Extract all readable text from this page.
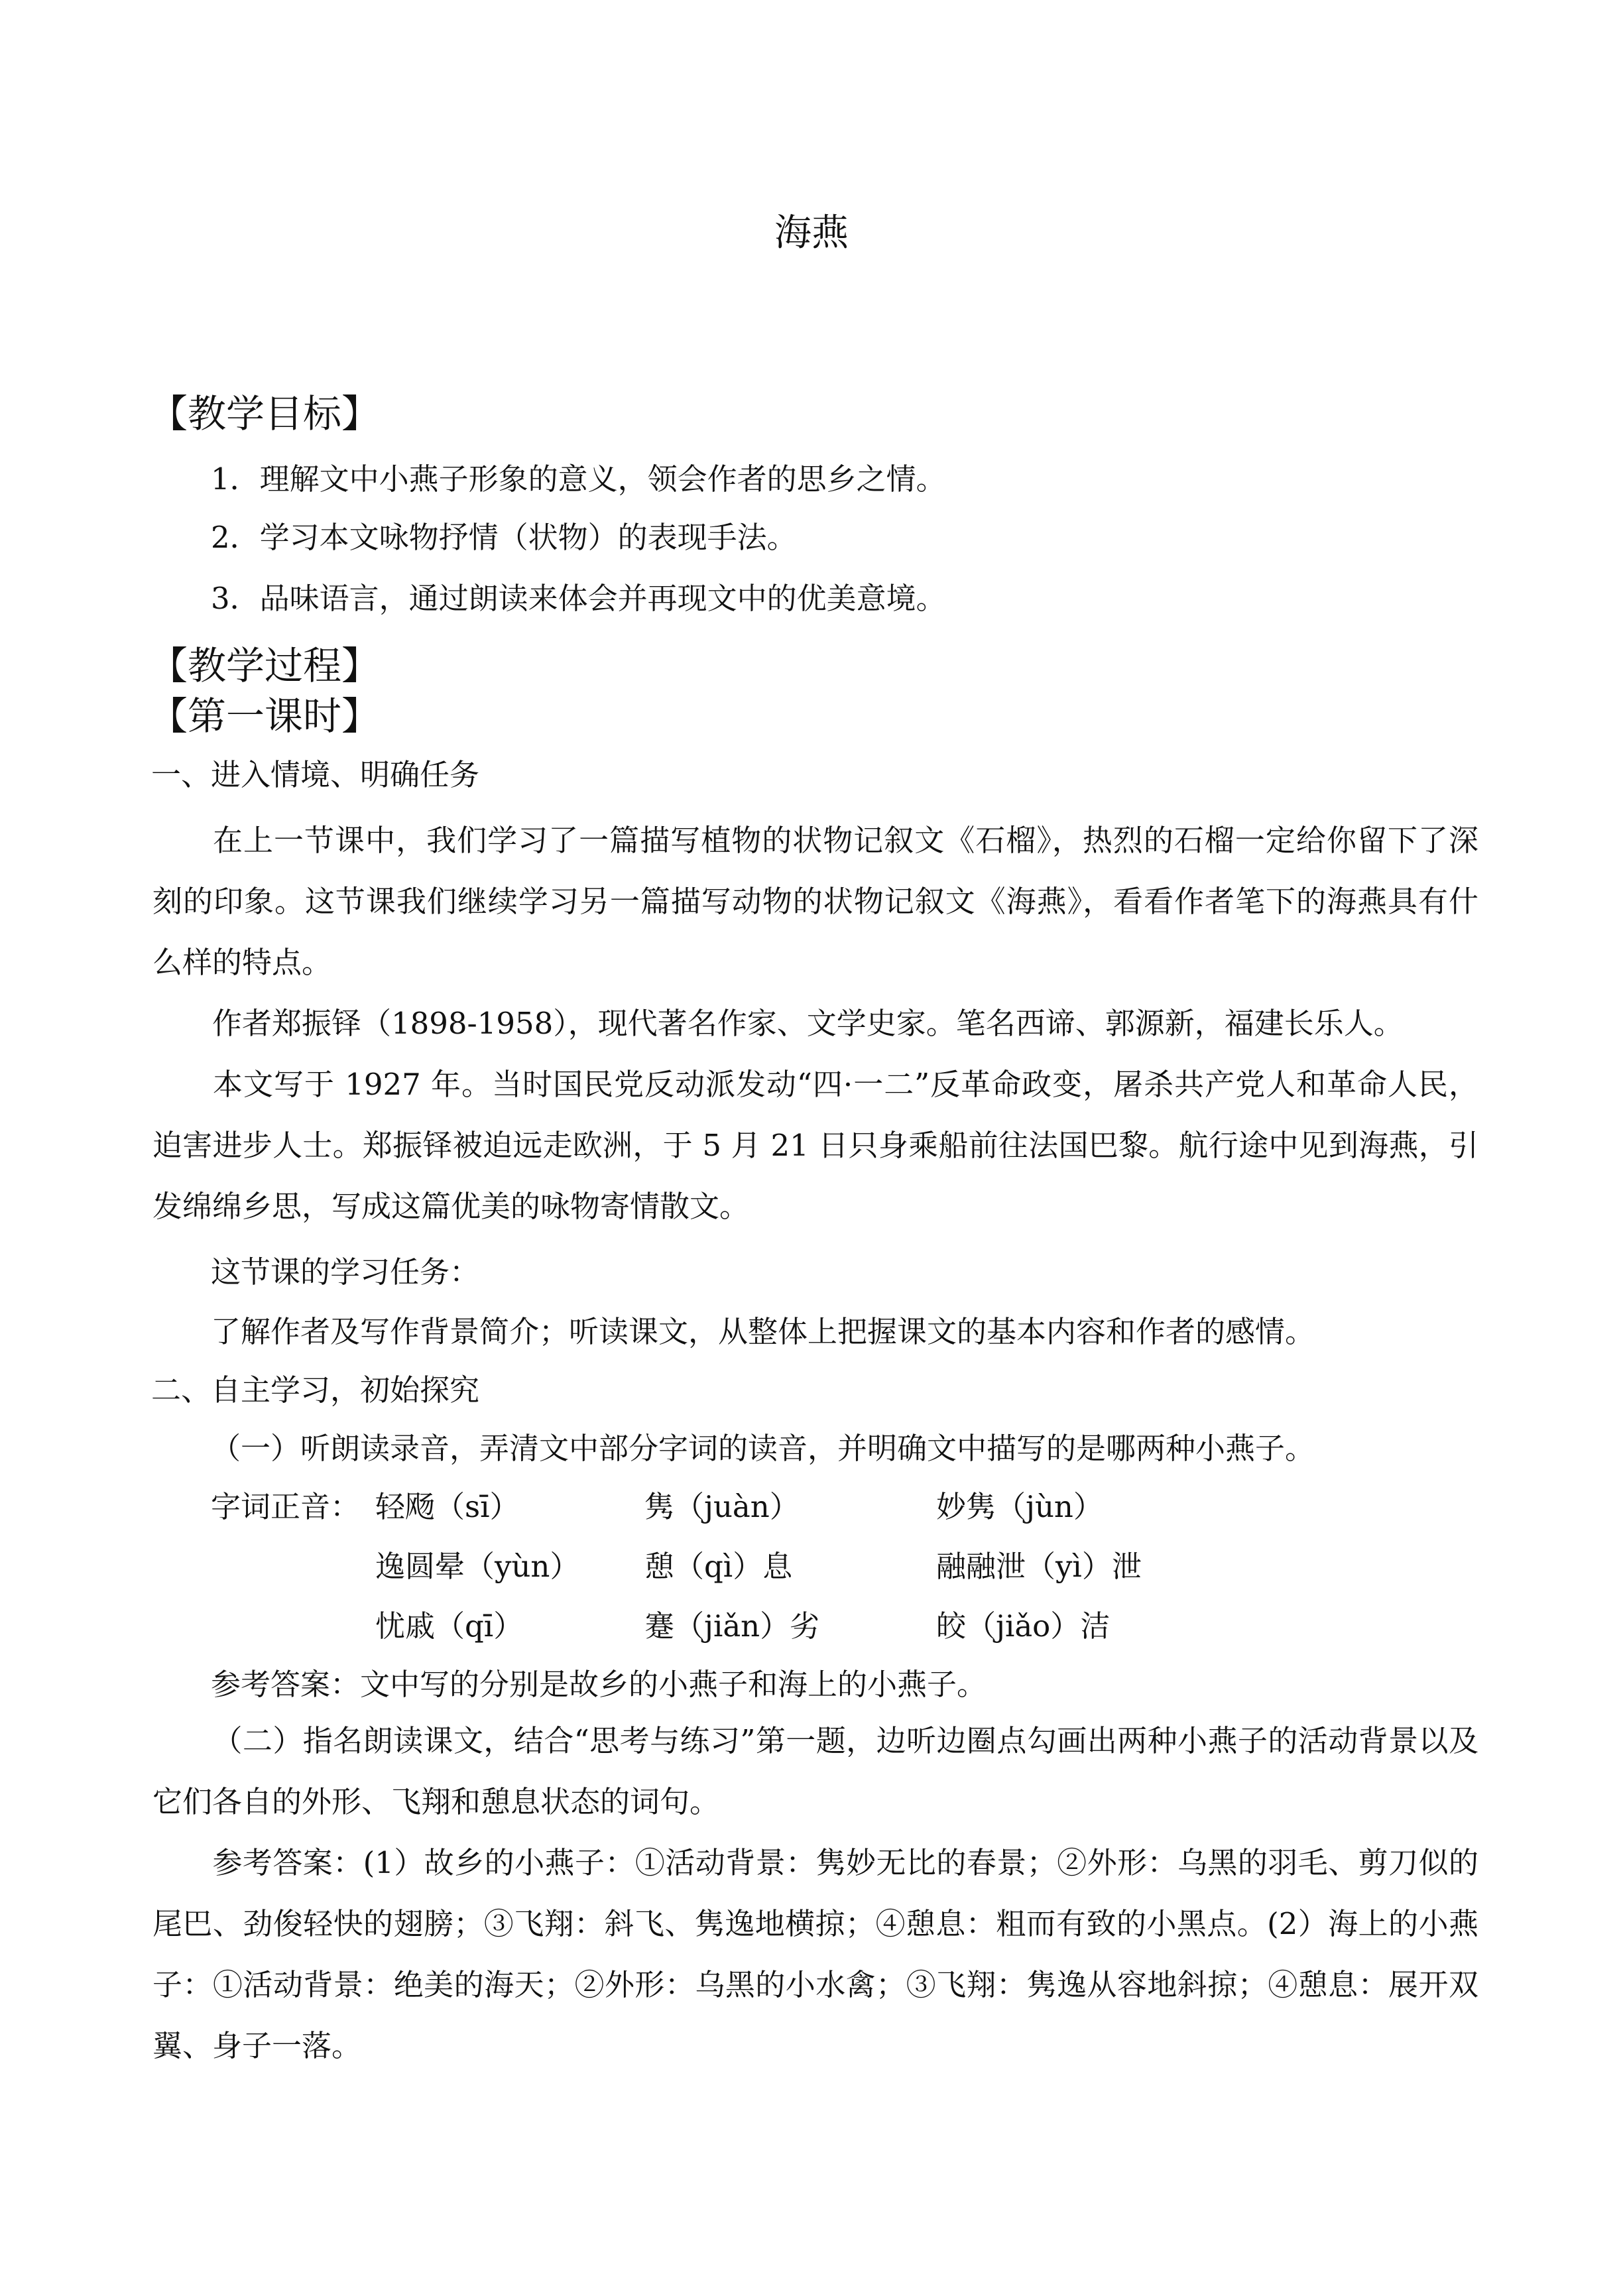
海燕
【教学目标】
1．理解文中小燕子形象的意义，领会作者的思乡之情。
2．学习本文咏物抒情（状物）的表现手法。
3．品味语言，通过朗读来体会并再现文中的优美意境。
【教学过程】
【第一课时】
一、进入情境、明确任务
在上一节课中，我们学习了一篇描写植物的状物记叙文《石榴》，热烈的石榴一定给你留下了深刻的印象。这节课我们继续学习另一篇描写动物的状物记叙文《海燕》，看看作者笔下的海燕具有什么样的特点。
作者郑振铎（1898-1958），现代著名作家、文学史家。笔名西谛、郭源新，福建长乐人。
本文写于 1927 年。当时国民党反动派发动“四·一二”反革命政变，屠杀共产党人和革命人民，迫害进步人士。郑振铎被迫远走欧洲，于 5 月 21 日只身乘船前往法国巴黎。航行途中见到海燕，引发绵绵乡思，写成这篇优美的咏物寄情散文。
这节课的学习任务：
了解作者及写作背景简介；听读课文，从整体上把握课文的基本内容和作者的感情。
二、自主学习，初始探究
（一）听朗读录音，弄清文中部分字词的读音，并明确文中描写的是哪两种小燕子。
字词正音： 轻飏（sī）	隽（juàn）	妙隽（jùn）
逸圆晕（yùn） 憩（qì）息	融融泄（yì）泄
忧戚（qī）	蹇（jiǎn）劣	皎（jiǎo）洁
参考答案：文中写的分别是故乡的小燕子和海上的小燕子。
（二）指名朗读课文，结合“思考与练习”第一题，边听边圈点勾画出两种小燕子的活动背景以及它们各自的外形、飞翔和憩息状态的词句。
参考答案：(1）故乡的小燕子：①活动背景：隽妙无比的春景；②外形：乌黑的羽毛、剪刀似的尾巴、劲俊轻快的翅膀；③飞翔：斜飞、隽逸地横掠；④憩息：粗而有致的小黑点。(2）海上的小燕子：①活动背景：绝美的海天；②外形：乌黑的小水禽；③飞翔：隽逸从容地斜掠；④憩息：展开双翼、身子一落。
